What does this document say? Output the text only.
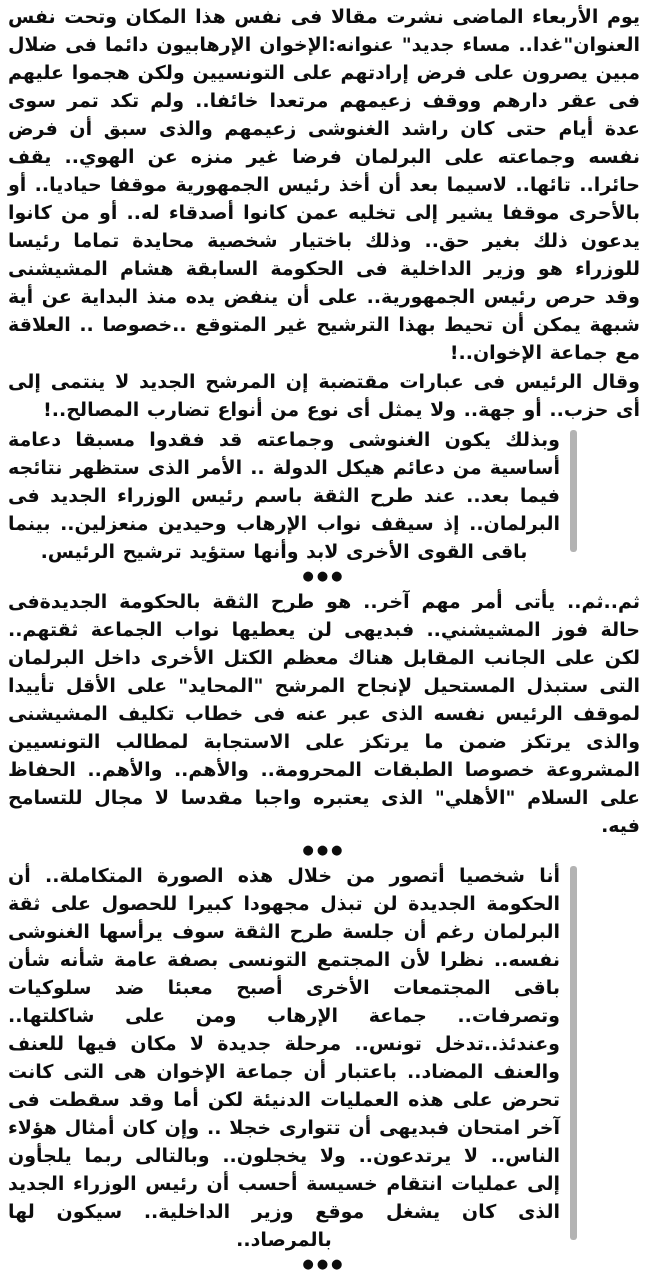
يوم الأربعاء الماضى نشرت مقالا فى نفس هذا المكان وتحت نفس العنوان"غدا.. مساء جديد" عنوانه:الإخوان الإرهابيون دائما فى ضلال مبين يصرون على فرض إرادتهم على التونسيين ولكن هجموا عليهم فى عقر دارهم ووقف زعيمهم مرتعدا خائفا.. ولم تكد تمر سوى عدة أيام حتى كان راشد الغنوشى زعيمهم والذى سبق أن فرض نفسه وجماعته على البرلمان فرضا غير منزه عن الهوي.. يقف حائرا.. تائها.. لاسيما بعد أن أخذ رئيس الجمهورية موقفا حياديا.. أو بالأحرى موقفا يشير إلى تخليه عمن كانوا أصدقاء له.. أو من كانوا يدعون ذلك بغير حق.. وذلك باختيار شخصية محايدة تماما رئيسا للوزراء هو وزير الداخلية فى الحكومة السابقة هشام المشيشنى وقد حرص رئيس الجمهورية.. على أن ينفض يده منذ البداية عن أية شبهة يمكن أن تحيط بهذا الترشيح غير المتوقع ..خصوصا .. العلاقة مع جماعة الإخوان..!

وقال الرئيس فى عبارات مقتضبة إن المرشح الجديد لا ينتمى إلى أى حزب.. أو جهة.. ولا يمثل أى نوع من أنواع تضارب المصالح..!

وبذلك يكون الغنوشى وجماعته قد فقدوا مسبقا دعامة أساسية من دعائم هيكل الدولة .. الأمر الذى ستظهر نتائجه فيما بعد.. عند طرح الثقة باسم رئيس الوزراء الجديد فى البرلمان.. إذ سيقف نواب الإرهاب وحيدين منعزلين.. بينما باقى القوى الأخرى لابد وأنها ستؤيد ترشيح الرئيس.

●●●

ثم..ثم.. يأتى أمر مهم آخر.. هو طرح الثقة بالحكومة الجديدةفى حالة فوز المشيشني.. فبديهى لن يعطيها نواب الجماعة ثقتهم.. لكن على الجانب المقابل هناك معظم الكتل الأخرى داخل البرلمان التى ستبذل المستحيل لإنجاح المرشح "المحايد" على الأقل تأييدا لموقف الرئيس نفسه الذى عبر عنه فى خطاب تكليف المشيشنى والذى يرتكز ضمن ما يرتكز على الاستجابة لمطالب التونسيين المشروعة خصوصا الطبقات المحرومة.. والأهم.. والأهم.. الحفاظ على السلام "الأهلي" الذى يعتبره واجبا مقدسا لا مجال للتسامح فيه.

●●●

أنا شخصيا أتصور من خلال هذه الصورة المتكاملة.. أن الحكومة الجديدة لن تبذل مجهودا كبيرا للحصول على ثقة البرلمان رغم أن جلسة طرح الثقة سوف يرأسها الغنوشى نفسه.. نظرا لأن المجتمع التونسى بصفة عامة شأنه شأن باقى المجتمعات الأخرى أصبح معبئا ضد سلوكيات وتصرفات.. جماعة الإرهاب ومن على شاكلتها.. وعندئذ..تدخل تونس.. مرحلة جديدة لا مكان فيها للعنف والعنف المضاد.. باعتبار أن جماعة الإخوان هى التى كانت تحرض على هذه العمليات الدنيئة لكن أما وقد سقطت فى آخر امتحان فبديهى أن تتوارى خجلا .. وإن كان أمثال هؤلاء الناس.. لا يرتدعون.. ولا يخجلون.. وبالتالى ربما يلجأون إلى عمليات انتقام خسيسة أحسب أن رئيس الوزراء الجديد الذى كان يشغل موقع وزير الداخلية.. سيكون لها بالمرصاد..

●●●
